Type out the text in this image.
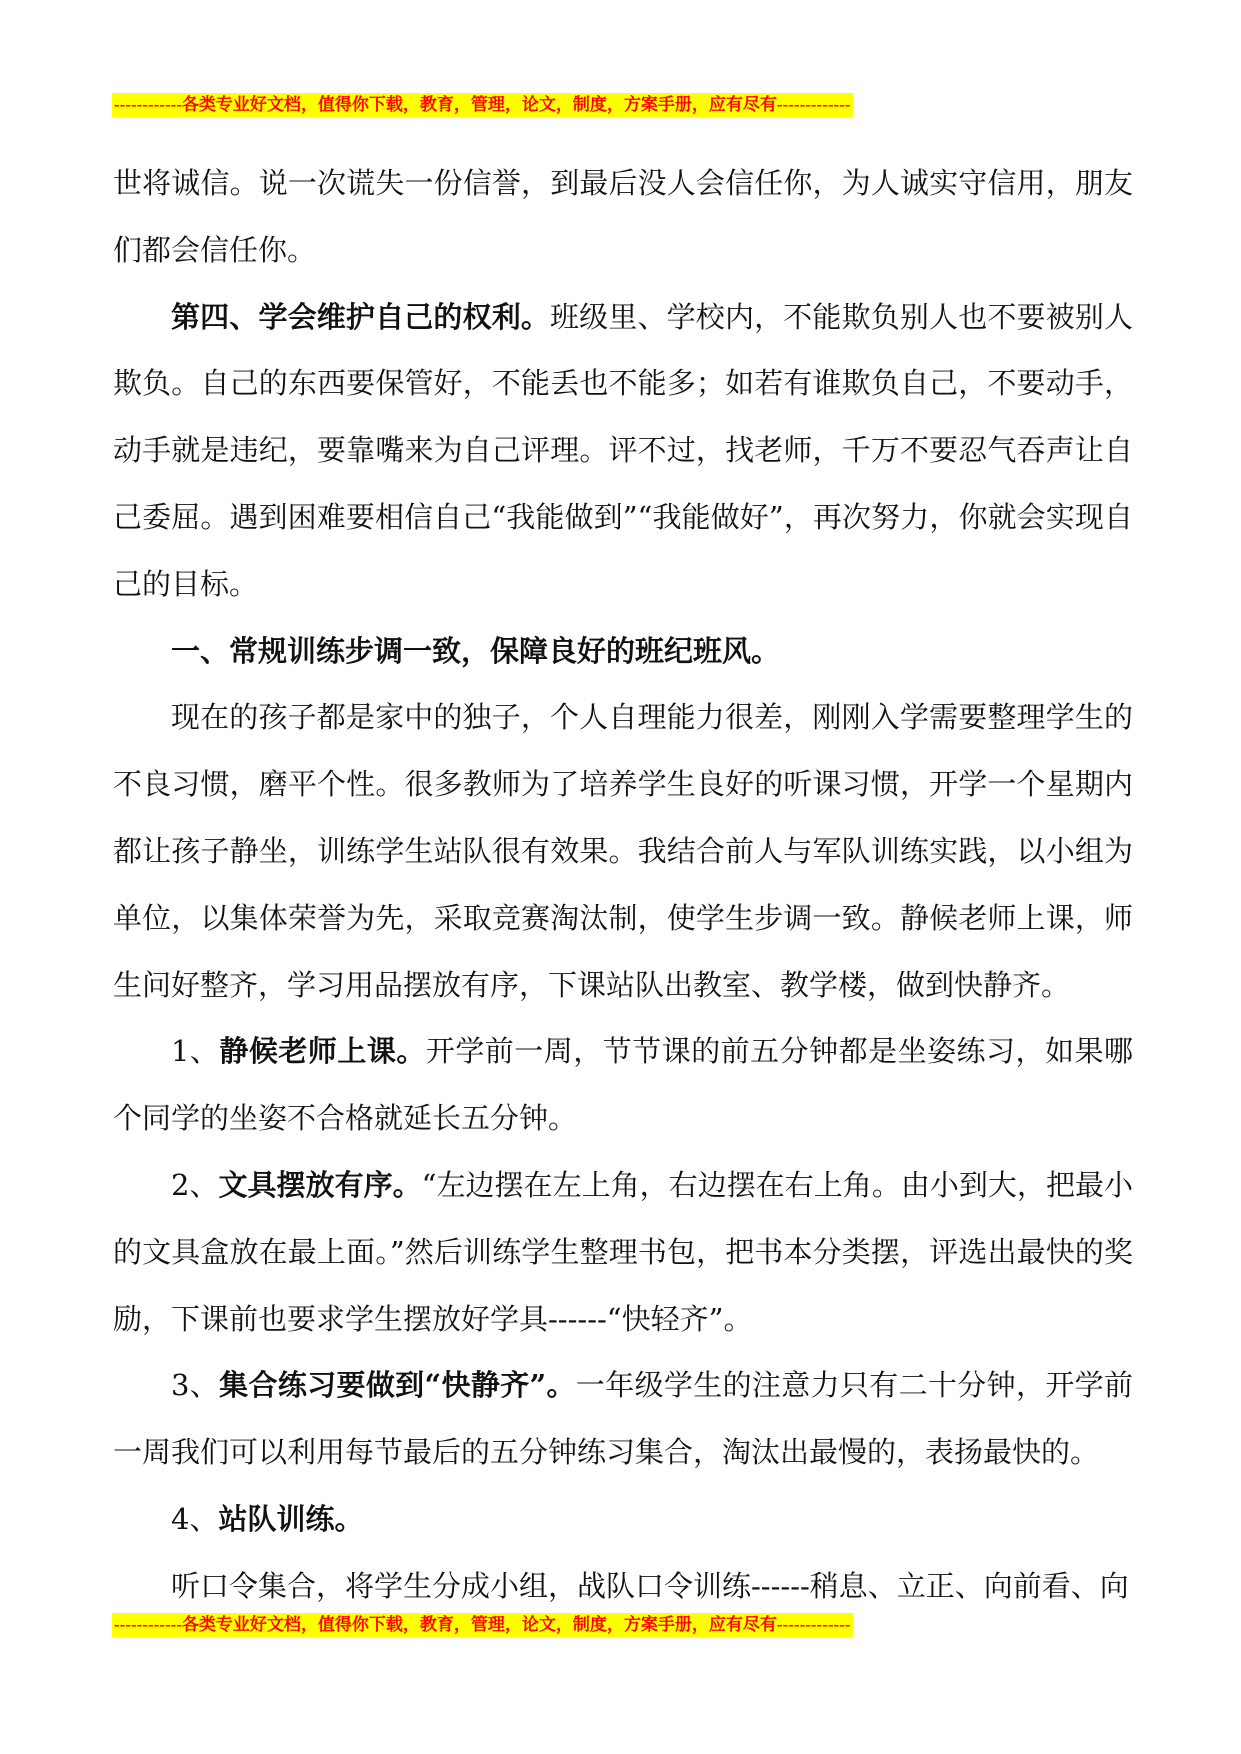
------------各类专业好文档，值得你下载，教育，管理，论文，制度，方案手册，应有尽有-------------

世将诚信。说一次谎失一份信誉，到最后没人会信任你，为人诚实守信用，朋友们都会信任你。

第四、学会维护自己的权利。班级里、学校内，不能欺负别人也不要被别人欺负。自己的东西要保管好，不能丢也不能多；如若有谁欺负自己，不要动手，动手就是违纪，要靠嘴来为自己评理。评不过，找老师，千万不要忍气吞声让自己委屈。遇到困难要相信自己“我能做到”“我能做好”，再次努力，你就会实现自己的目标。

一、常规训练步调一致，保障良好的班纪班风。

现在的孩子都是家中的独子，个人自理能力很差，刚刚入学需要整理学生的不良习惯，磨平个性。很多教师为了培养学生良好的听课习惯，开学一个星期内都让孩子静坐，训练学生站队很有效果。我结合前人与军队训练实践，以小组为单位，以集体荣誉为先，采取竞赛淘汰制，使学生步调一致。静候老师上课，师生问好整齐，学习用品摆放有序，下课站队出教室、教学楼，做到快静齐。

1、静候老师上课。开学前一周，节节课的前五分钟都是坐姿练习，如果哪个同学的坐姿不合格就延长五分钟。

2、文具摆放有序。“左边摆在左上角，右边摆在右上角。由小到大，把最小的文具盒放在最上面。”然后训练学生整理书包，把书本分类摆，评选出最快的奖励，下课前也要求学生摆放好学具------“快轻齐”。

3、集合练习要做到“快静齐”。一年级学生的注意力只有二十分钟，开学前一周我们可以利用每节最后的五分钟练习集合，淘汰出最慢的，表扬最快的。

4、站队训练。

听口令集合，将学生分成小组，战队口令训练------稍息、立正、向前看、向

------------各类专业好文档，值得你下载，教育，管理，论文，制度，方案手册，应有尽有-------------
